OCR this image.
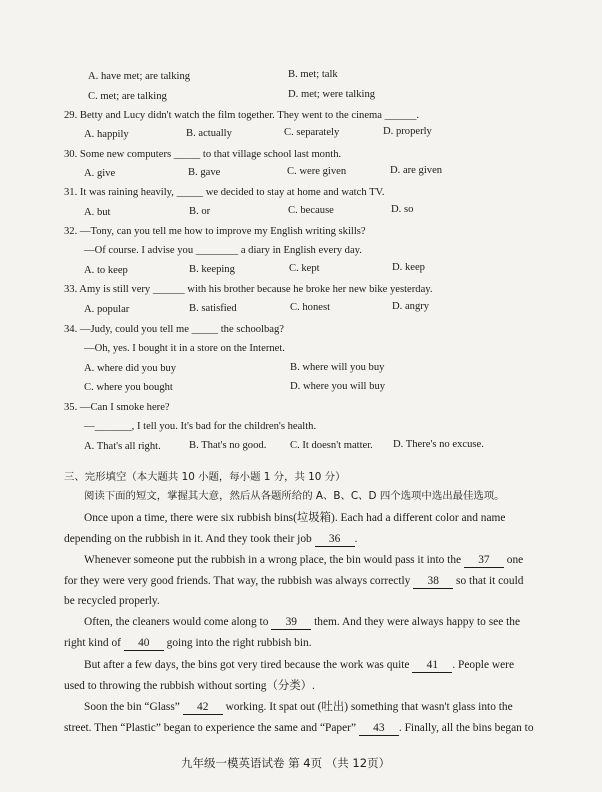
A. have met; are talking	B. met; talk
C. met; are talking	D. met; were talking
29. Betty and Lucy didn't watch the film together. They went to the cinema ______.
A. happily	B. actually	C. separately	D. properly
30. Some new computers _____ to that village school last month.
A. give	B. gave	C. were given	D. are given
31. It was raining heavily, _____ we decided to stay at home and watch TV.
A. but	B. or	C. because	D. so
32. —Tony, can you tell me how to improve my English writing skills?
—Of course. I advise you ________ a diary in English every day.
A. to keep	B. keeping	C. kept	D. keep
33. Amy is still very ______ with his brother because he broke her new bike yesterday.
A. popular	B. satisfied	C. honest	D. angry
34. —Judy, could you tell me _____ the schoolbag?
—Oh, yes. I bought it in a store on the Internet.
A. where did you buy	B. where will you buy
C. where you bought	D. where you will buy
35. —Can I smoke here?
—_______, I tell you. It's bad for the children's health.
A. That's all right.	B. That's no good. C. It doesn't matter. D. There's no excuse.
三、完形填空（本大题共 10 小题，每小题 1 分，共 10 分）
阅读下面的短文，掌握其大意，然后从各题所给的 A、B、C、D 四个选项中选出最佳选项。
Once upon a time, there were six rubbish bins(垃圾箱). Each had a different color and name
depending on the rubbish in it. And they took their job 36 .
Whenever someone put the rubbish in a wrong place, the bin would pass it into the 37 one
for they were very good friends. That way, the rubbish was always correctly 38 so that it could
be recycled properly.
Often, the cleaners would come along to 39 them. And they were always happy to see the
right kind of 40 going into the right rubbish bin.
But after a few days, the bins got very tired because the work was quite 41 . People were
used to throwing the rubbish without sorting（分类）.
Soon the bin “Glass” 42 working. It spat out (吐出) something that wasn't glass into the
street. Then “Plastic” began to experience the same and “Paper” 43 . Finally, all the bins began to
九年级一模英语试卷 第 4页 （共 12页）
